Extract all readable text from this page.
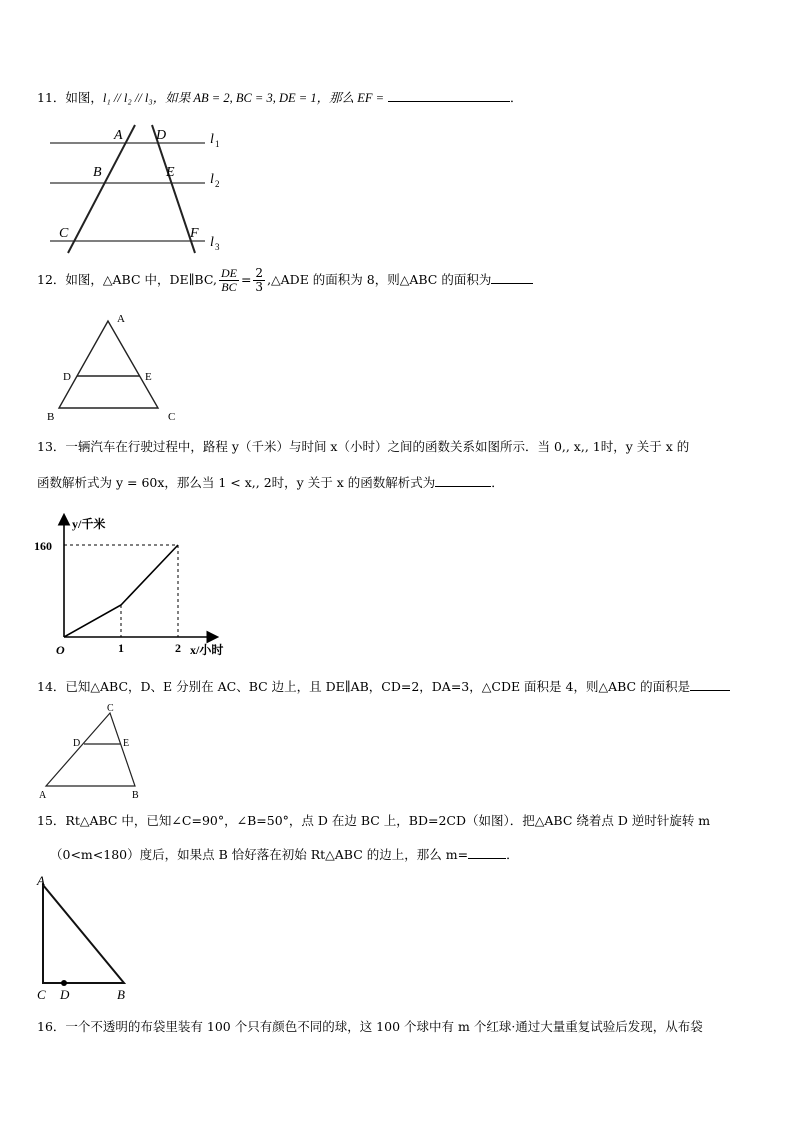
11．如图，l₁ // l₂ // l₃，如果 AB = 2, BC = 3, DE = 1，那么 EF =	．
A D
B	E
C	F
l 1
l 2
l 3
12．如图，△ABC 中，DE∥BC, $\frac{DE}{BC} = \frac{2}{3}$ ,△ADE 的面积为 8，则△ABC 的面积为
A
D	E
B	C
13．一辆汽车在行驶过程中，路程 y（千米）与时间 x（小时）之间的函数关系如图所示．当 0,, x,, 1时，y 关于 x 的
函数解析式为 y = 60x，那么当 1 < x,, 2时，y 关于 x 的函数解析式为	．
y/千米
160
O	1	2 x/小时
14．已知△ABC，D、E 分别在 AC、BC 边上，且 DE∥AB，CD=2，DA=3，△CDE 面积是 4，则△ABC 的面积是
C
D	E
A	B
15．Rt△ABC 中，已知∠C=90°，∠B=50°，点 D 在边 BC 上，BD=2CD（如图）．把△ABC 绕着点 D 逆时针旋转 m
（0<m<180）度后，如果点 B 恰好落在初始 Rt△ABC 的边上，那么 m=	．
A
C D	B
16．一个不透明的布袋里装有 100 个只有颜色不同的球，这 100 个球中有 m 个红球·通过大量重复试验后发现，从布袋
